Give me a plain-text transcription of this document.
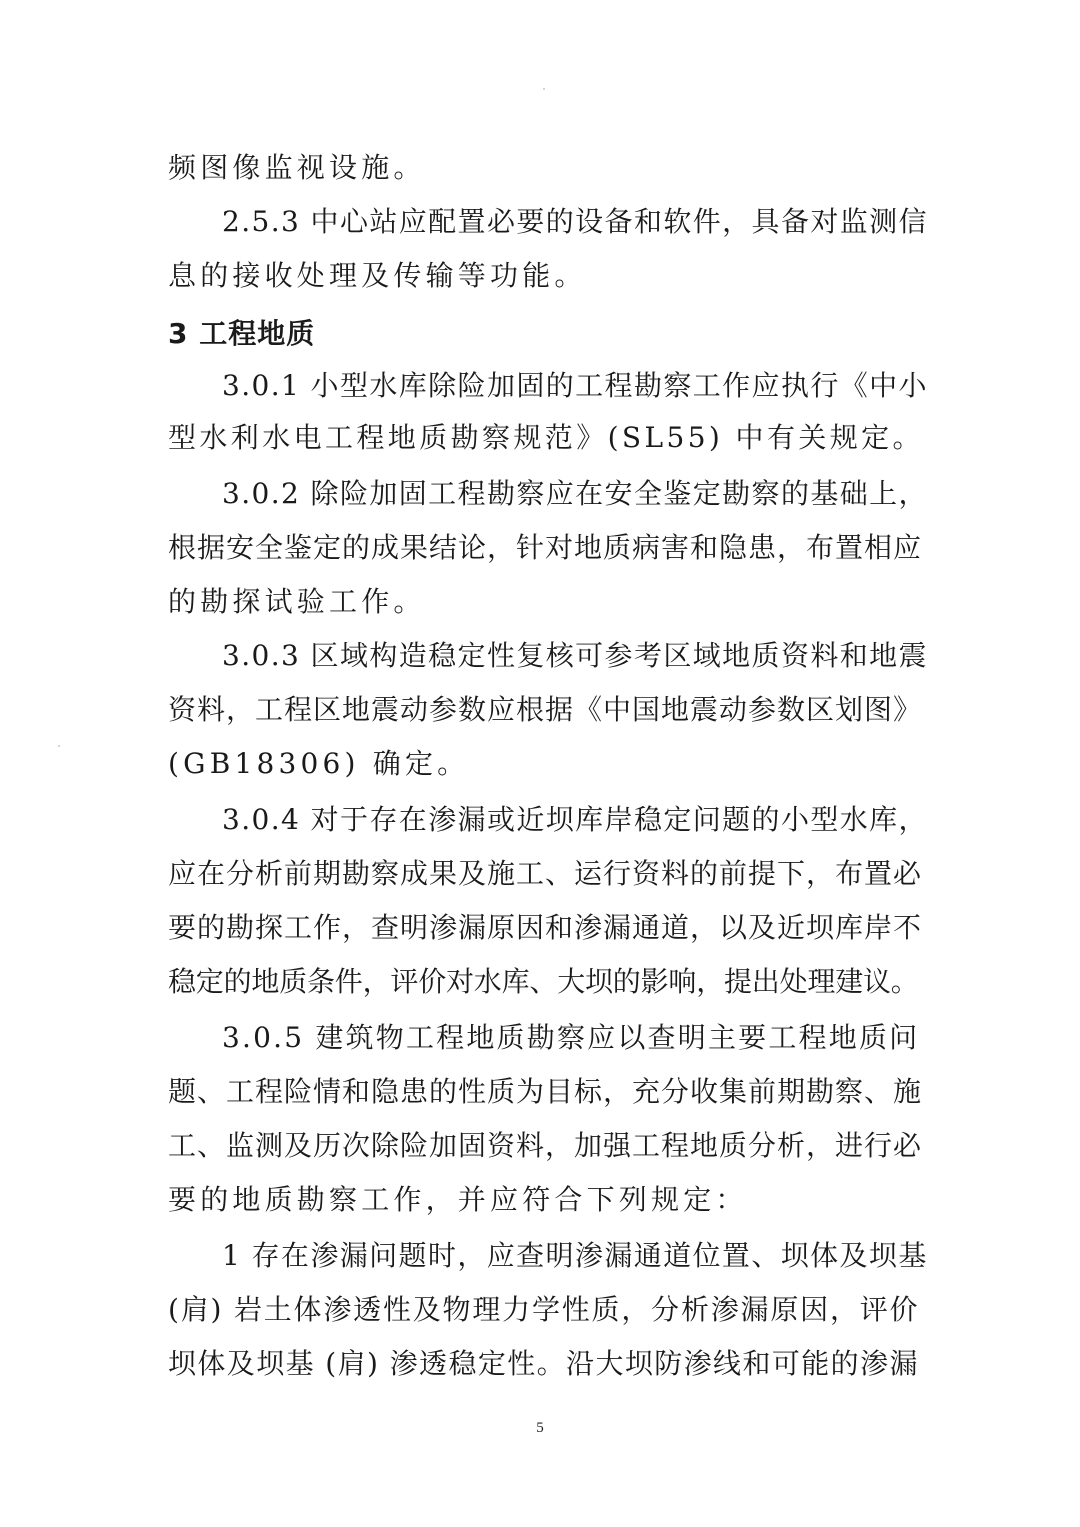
频图像监视设施。
2.5.3 中心站应配置必要的设备和软件，具备对监测信
息的接收处理及传输等功能。
3 工程地质
3.0.1 小型水库除险加固的工程勘察工作应执行《中小
型水利水电工程地质勘察规范》(SL55) 中有关规定。
3.0.2 除险加固工程勘察应在安全鉴定勘察的基础上，
根据安全鉴定的成果结论，针对地质病害和隐患，布置相应
的勘探试验工作。
3.0.3 区域构造稳定性复核可参考区域地质资料和地震
资料，工程区地震动参数应根据《中国地震动参数区划图》
(GB18306) 确定。
3.0.4 对于存在渗漏或近坝库岸稳定问题的小型水库，
应在分析前期勘察成果及施工、运行资料的前提下，布置必
要的勘探工作，查明渗漏原因和渗漏通道，以及近坝库岸不
稳定的地质条件，评价对水库、大坝的影响，提出处理建议。
3.0.5 建筑物工程地质勘察应以查明主要工程地质问
题、工程险情和隐患的性质为目标，充分收集前期勘察、施
工、监测及历次除险加固资料，加强工程地质分析，进行必
要的地质勘察工作，并应符合下列规定：
1 存在渗漏问题时，应查明渗漏通道位置、坝体及坝基
(肩) 岩土体渗透性及物理力学性质，分析渗漏原因，评价
坝体及坝基 (肩) 渗透稳定性。沿大坝防渗线和可能的渗漏
5
